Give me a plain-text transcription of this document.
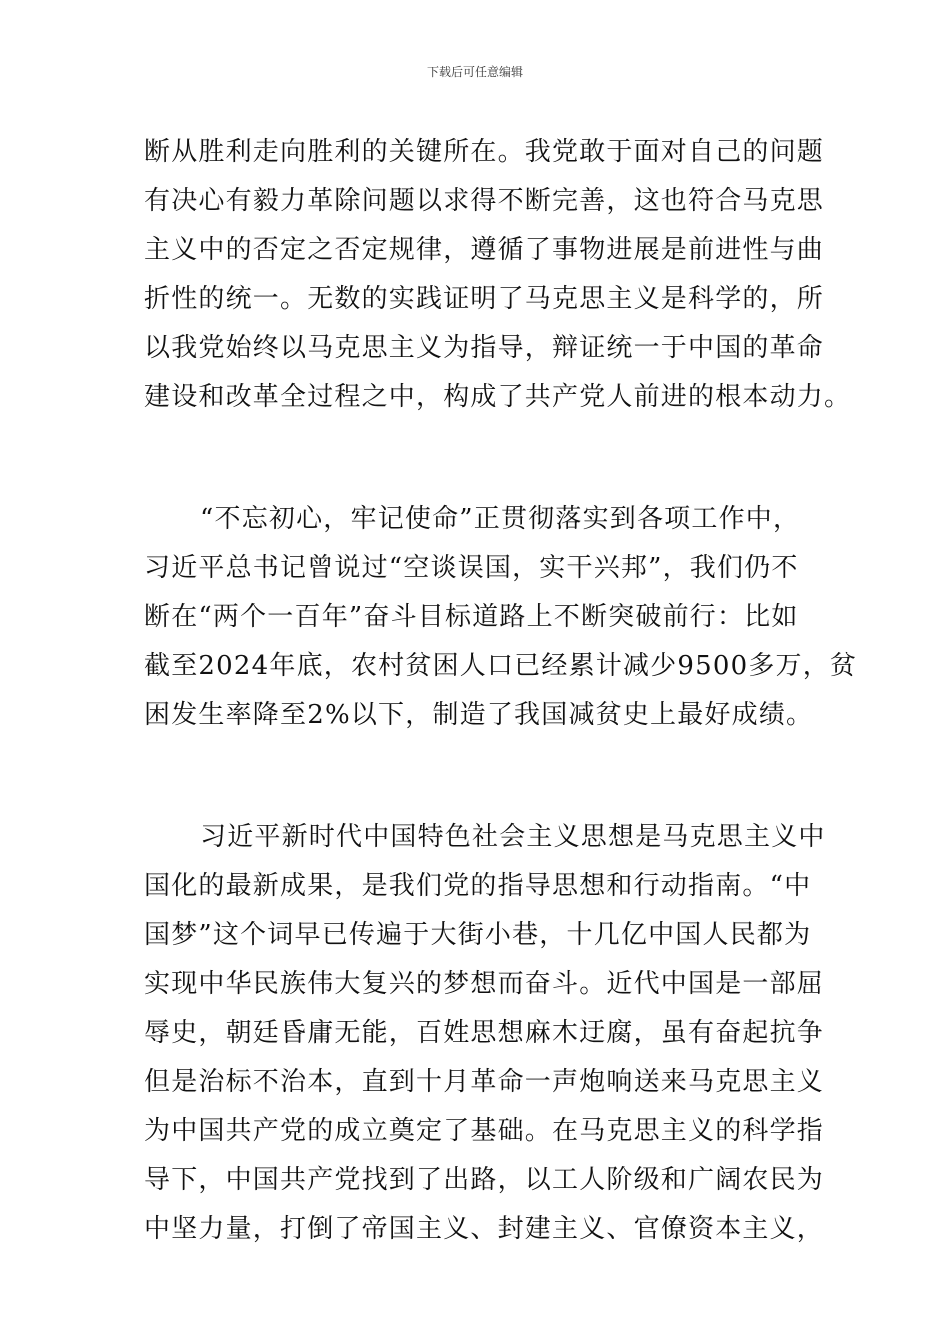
下载后可任意编辑

断从胜利走向胜利的关键所在。我党敢于面对自己的问题
有决心有毅力革除问题以求得不断完善，这也符合马克思
主义中的否定之否定规律，遵循了事物进展是前进性与曲
折性的统一。无数的实践证明了马克思主义是科学的，所
以我党始终以马克思主义为指导，辩证统一于中国的革命
建设和改革全过程之中，构成了共产党人前进的根本动力。

“不忘初心，牢记使命”正贯彻落实到各项工作中，
习近平总书记曾说过“空谈误国，实干兴邦”，我们仍不
断在“两个一百年”奋斗目标道路上不断突破前行：比如
截至2024年底，农村贫困人口已经累计减少9500多万，贫
困发生率降至2%以下，制造了我国减贫史上最好成绩。

习近平新时代中国特色社会主义思想是马克思主义中
国化的最新成果，是我们党的指导思想和行动指南。“中
国梦”这个词早已传遍于大街小巷，十几亿中国人民都为
实现中华民族伟大复兴的梦想而奋斗。近代中国是一部屈
辱史，朝廷昏庸无能，百姓思想麻木迂腐，虽有奋起抗争
但是治标不治本，直到十月革命一声炮响送来马克思主义
为中国共产党的成立奠定了基础。在马克思主义的科学指
导下，中国共产党找到了出路，以工人阶级和广阔农民为
中坚力量，打倒了帝国主义、封建主义、官僚资本主义，
